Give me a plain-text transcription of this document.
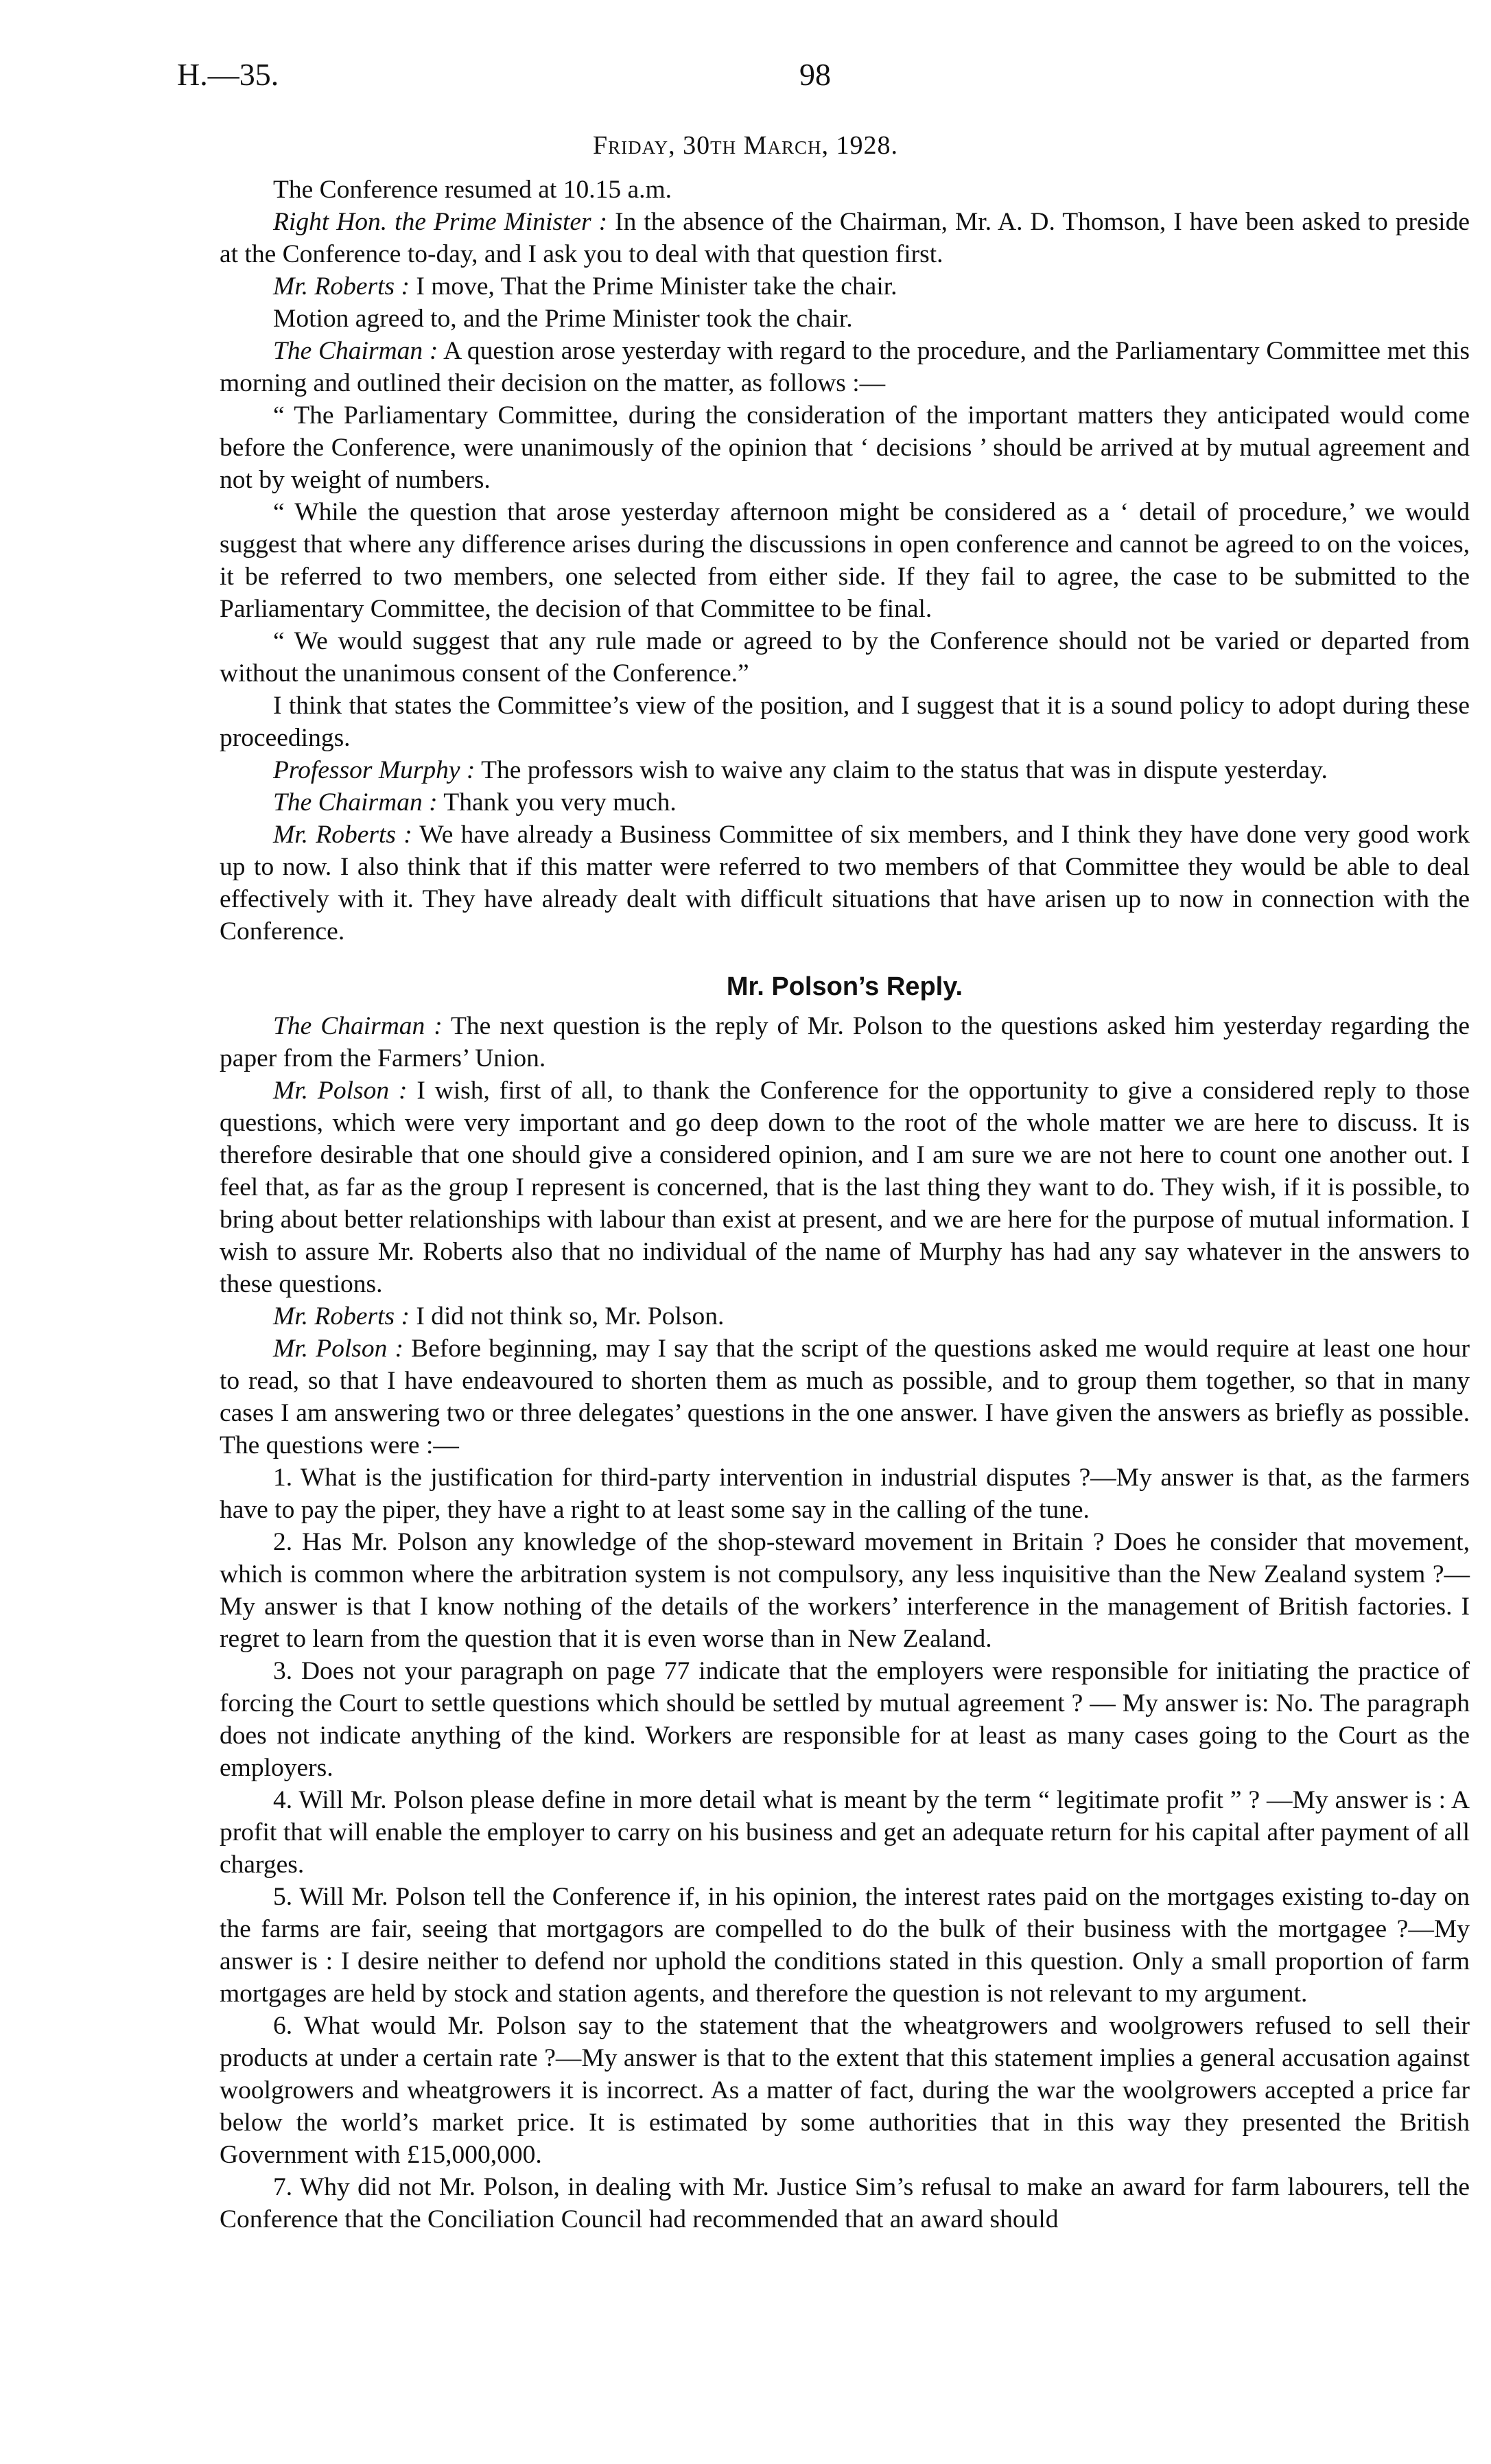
H.—35.	98
Friday, 30th March, 1928.

The Conference resumed at 10.15 a.m.

Right Hon. the Prime Minister : In the absence of the Chairman, Mr. A. D. Thomson, I have been asked to preside at the Conference to-day, and I ask you to deal with that question first.

Mr. Roberts : I move, That the Prime Minister take the chair.

Motion agreed to, and the Prime Minister took the chair.

The Chairman : A question arose yesterday with regard to the procedure, and the Parliamentary Committee met this morning and outlined their decision on the matter, as follows :—

“ The Parliamentary Committee, during the consideration of the important matters they anticipated would come before the Conference, were unanimously of the opinion that ‘ decisions ’ should be arrived at by mutual agreement and not by weight of numbers.

“ While the question that arose yesterday afternoon might be considered as a ‘ detail of procedure,’ we would suggest that where any difference arises during the discussions in open conference and cannot be agreed to on the voices, it be referred to two members, one selected from either side. If they fail to agree, the case to be submitted to the Parliamentary Committee, the decision of that Committee to be final.

“ We would suggest that any rule made or agreed to by the Conference should not be varied or departed from without the unanimous consent of the Conference.”

I think that states the Committee’s view of the position, and I suggest that it is a sound policy to adopt during these proceedings.

Professor Murphy : The professors wish to waive any claim to the status that was in dispute yesterday.

The Chairman : Thank you very much.

Mr. Roberts : We have already a Business Committee of six members, and I think they have done very good work up to now. I also think that if this matter were referred to two members of that Committee they would be able to deal effectively with it. They have already dealt with difficult situations that have arisen up to now in connection with the Conference.

Mr. Polson’s Reply.

The Chairman : The next question is the reply of Mr. Polson to the questions asked him yesterday regarding the paper from the Farmers’ Union.

Mr. Polson : I wish, first of all, to thank the Conference for the opportunity to give a considered reply to those questions, which were very important and go deep down to the root of the whole matter we are here to discuss. It is therefore desirable that one should give a considered opinion, and I am sure we are not here to count one another out. I feel that, as far as the group I represent is concerned, that is the last thing they want to do. They wish, if it is possible, to bring about better relationships with labour than exist at present, and we are here for the purpose of mutual information. I wish to assure Mr. Roberts also that no individual of the name of Murphy has had any say whatever in the answers to these questions.

Mr. Roberts : I did not think so, Mr. Polson.

Mr. Polson : Before beginning, may I say that the script of the questions asked me would require at least one hour to read, so that I have endeavoured to shorten them as much as possible, and to group them together, so that in many cases I am answering two or three delegates’ questions in the one answer. I have given the answers as briefly as possible. The questions were :—

1. What is the justification for third-party intervention in industrial disputes ?—My answer is that, as the farmers have to pay the piper, they have a right to at least some say in the calling of the tune.

2. Has Mr. Polson any knowledge of the shop-steward movement in Britain ? Does he consider that movement, which is common where the arbitration system is not compulsory, any less inquisitive than the New Zealand system ?—My answer is that I know nothing of the details of the workers’ interference in the management of British factories. I regret to learn from the question that it is even worse than in New Zealand.

3. Does not your paragraph on page 77 indicate that the employers were responsible for initiating the practice of forcing the Court to settle questions which should be settled by mutual agreement ? — My answer is: No. The paragraph does not indicate anything of the kind. Workers are responsible for at least as many cases going to the Court as the employers.

4. Will Mr. Polson please define in more detail what is meant by the term “ legitimate profit ” ? —My answer is : A profit that will enable the employer to carry on his business and get an adequate return for his capital after payment of all charges.

5. Will Mr. Polson tell the Conference if, in his opinion, the interest rates paid on the mortgages existing to-day on the farms are fair, seeing that mortgagors are compelled to do the bulk of their business with the mortgagee ?—My answer is : I desire neither to defend nor uphold the conditions stated in this question. Only a small proportion of farm mortgages are held by stock and station agents, and therefore the question is not relevant to my argument.

6. What would Mr. Polson say to the statement that the wheatgrowers and woolgrowers refused to sell their products at under a certain rate ?—My answer is that to the extent that this statement implies a general accusation against woolgrowers and wheatgrowers it is incorrect. As a matter of fact, during the war the woolgrowers accepted a price far below the world’s market price. It is estimated by some authorities that in this way they presented the British Government with £15,000,000.

7. Why did not Mr. Polson, in dealing with Mr. Justice Sim’s refusal to make an award for farm labourers, tell the Conference that the Conciliation Council had recommended that an award should
